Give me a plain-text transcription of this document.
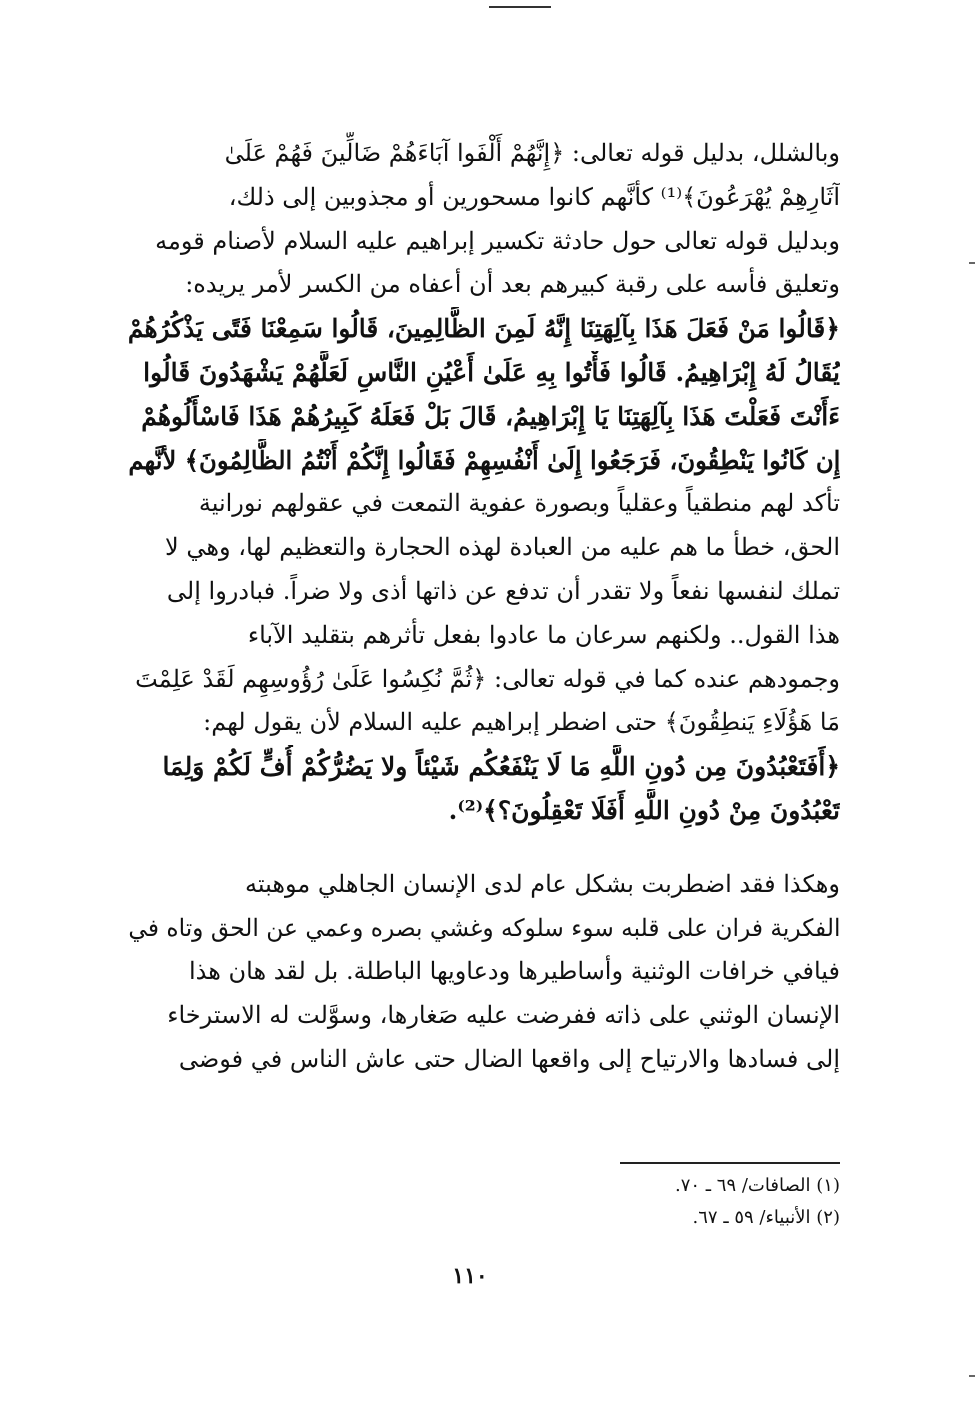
وبالشلل، بدليل قوله تعالى: ﴿إِنَّهُمْ أَلْفَوا آبَاءَهُمْ ضَالِّينَ فَهُمْ عَلَىٰ
آثَارِهِمْ يُهْرَعُونَ﴾⁽¹⁾ كأنَّهم كانوا مسحورين أو مجذوبين إلى ذلك،
وبدليل قوله تعالى حول حادثة تكسير إبراهيم عليه السلام لأصنام قومه
وتعليق فأسه على رقبة كبيرهم بعد أن أعفاه من الكسر لأمر يريده:
﴿قَالُوا مَنْ فَعَلَ هَذَا بِآلِهَتِنَا إِنَّهُ لَمِنَ الظَّالِمِينَ، قَالُوا سَمِعْنَا فَتًى يَذْكُرُهُمْ
يُقَالُ لَهُ إِبْرَاهِيمُ. قَالُوا فَأْتُوا بِهِ عَلَىٰ أَعْيُنِ النَّاسِ لَعَلَّهُمْ يَشْهَدُونَ قَالُوا
ءَأَنْتَ فَعَلْتَ هَذَا بِآلِهَتِنَا يَا إِبْرَاهِيمُ، قَالَ بَلْ فَعَلَهُ كَبِيرُهُمْ هَذَا فَاسْأَلُوهُمْ
إِن كَانُوا يَنْطِقُونَ، فَرَجَعُوا إِلَىٰ أَنْفُسِهِمْ فَقَالُوا إِنَّكُمْ أَنْتُمُ الظَّالِمُونَ﴾ لأنَّهم
تأكد لهم منطقياً وعقلياً وبصورة عفوية التمعت في عقولهم نورانية
الحق، خطأ ما هم عليه من العبادة لهذه الحجارة والتعظيم لها، وهي لا
تملك لنفسها نفعاً ولا تقدر أن تدفع عن ذاتها أذى ولا ضراً. فبادروا إلى
هذا القول.. ولكنهم سرعان ما عادوا بفعل تأثرهم بتقليد الآباء
وجمودهم عنده كما في قوله تعالى: ﴿ثُمَّ نُكِسُوا عَلَىٰ رُؤُوسِهِم لَقَدْ عَلِمْتَ
مَا هَؤُلَاءِ يَنطِقُونَ﴾ حتى اضطر إبراهيم عليه السلام لأن يقول لهم:
﴿أَفَتَعْبُدُونَ مِن دُونِ اللَّهِ مَا لَا يَنْفَعُكُم شَيْئاً ولا يَضُرُّكُمْ أُفٍّ لَكُمْ وَلِمَا
تَعْبُدُونَ مِنْ دُونِ اللَّهِ أَفَلَا تَعْقِلُونَ؟﴾⁽²⁾.

وهكذا فقد اضطربت بشكل عام لدى الإنسان الجاهلي موهبته
الفكرية فران على قلبه سوء سلوكه وغشي بصره وعمي عن الحق وتاه في
فيافي خرافات الوثنية وأساطيرها ودعاويها الباطلة. بل لقد هان هذا
الإنسان الوثني على ذاته ففرضت عليه صَغارها، وسوَّلت له الاسترخاء
إلى فسادها والارتياح إلى واقعها الضال حتى عاش الناس في فوضى

(١) الصافات/ ٦٩ ـ ٧٠.
(٢) الأنبياء/ ٥٩ ـ ٦٧.
١١٠
